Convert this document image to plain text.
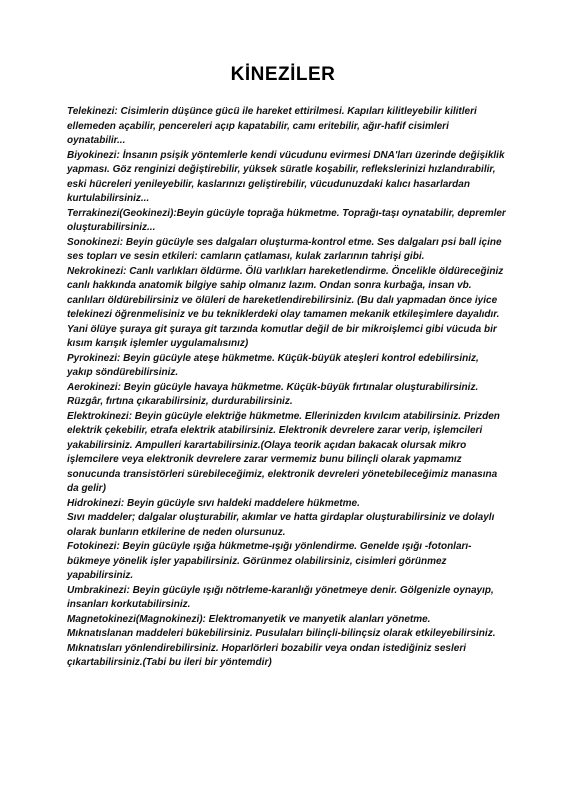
KİNEZİLER

Telekinezi: Cisimlerin düşünce gücü ile hareket ettirilmesi. Kapıları kilitleyebilir kilitleri ellemeden açabilir, pencereleri açıp kapatabilir, camı eritebilir, ağır-hafif cisimleri oynatabilir...

Biyokinezi: İnsanın psişik yöntemlerle kendi vücudunu evirmesi DNA'ları üzerinde değişiklik yapması. Göz renginizi değiştirebilir, yüksek süratle koşabilir, reflekslerinizi hızlandırabilir, eski hücreleri yenileyebilir, kaslarınızı geliştirebilir, vücudunuzdaki kalıcı hasarlardan kurtulabilirsiniz...

Terrakinezi(Geokinezi):Beyin gücüyle toprağa hükmetme. Toprağı-taşı oynatabilir, depremler oluşturabilirsiniz...

Sonokinezi: Beyin gücüyle ses dalgaları oluşturma-kontrol etme. Ses dalgaları psi ball içine ses topları ve sesin etkileri: camların çatlaması, kulak zarlarının tahrişi gibi.

Nekrokinezi: Canlı varlıkları öldürme. Ölü varlıkları hareketlendirme. Öncelikle öldüreceğiniz canlı hakkında anatomik bilgiye sahip olmanız lazım. Ondan sonra kurbağa, insan vb. canlıları öldürebilirsiniz ve ölüleri de hareketlendirebilirsiniz. (Bu dalı yapmadan önce iyice telekinezi öğrenmelisiniz ve bu tekniklerdeki olay tamamen mekanik etkileşimlere dayalıdır. Yani ölüye şuraya git şuraya git tarzında komutlar değil de bir mikroişlemci gibi vücuda bir kısım karışık işlemler uygulamalısınız)

Pyrokinezi: Beyin gücüyle ateşe hükmetme. Küçük-büyük ateşleri kontrol edebilirsiniz, yakıp söndürebilirsiniz.

Aerokinezi: Beyin gücüyle havaya hükmetme. Küçük-büyük fırtınalar oluşturabilirsiniz. Rüzgâr, fırtına çıkarabilirsiniz, durdurabilirsiniz.

Elektrokinezi: Beyin gücüyle elektriğe hükmetme. Ellerinizden kıvılcım atabilirsiniz. Prizden elektrik çekebilir, etrafa elektrik atabilirsiniz. Elektronik devrelere zarar verip, işlemcileri yakabilirsiniz. Ampulleri karartabilirsiniz.(Olaya teorik açıdan bakacak olursak mikro işlemcilere veya elektronik devrelere zarar vermemiz bunu bilinçli olarak yapmamız sonucunda transistörleri sürebileceğimiz, elektronik devreleri yönetebileceğimiz manasına da gelir)

Hidrokinezi: Beyin gücüyle sıvı haldeki maddelere hükmetme.

Sıvı maddeler; dalgalar oluşturabilir, akımlar ve hatta girdaplar oluşturabilirsiniz ve dolaylı olarak bunların etkilerine de neden olursunuz.

Fotokinezi: Beyin gücüyle ışığa hükmetme-ışığı yönlendirme. Genelde ışığı -fotonları- bükmeye yönelik işler yapabilirsiniz. Görünmez olabilirsiniz, cisimleri görünmez yapabilirsiniz.

Umbrakinezi: Beyin gücüyle ışığı nötrleme-karanlığı yönetmeye denir. Gölgenizle oynayıp, insanları korkutabilirsiniz.

Magnetokinezi(Magnokinezi): Elektromanyetik ve manyetik alanları yönetme.

Mıknatıslanan maddeleri bükebilirsiniz. Pusulaları bilinçli-bilinçsiz olarak etkileyebilirsiniz. Mıknatısları yönlendirebilirsiniz. Hoparlörleri bozabilir veya ondan istediğiniz sesleri çıkartabilirsiniz.(Tabi bu ileri bir yöntemdir)
